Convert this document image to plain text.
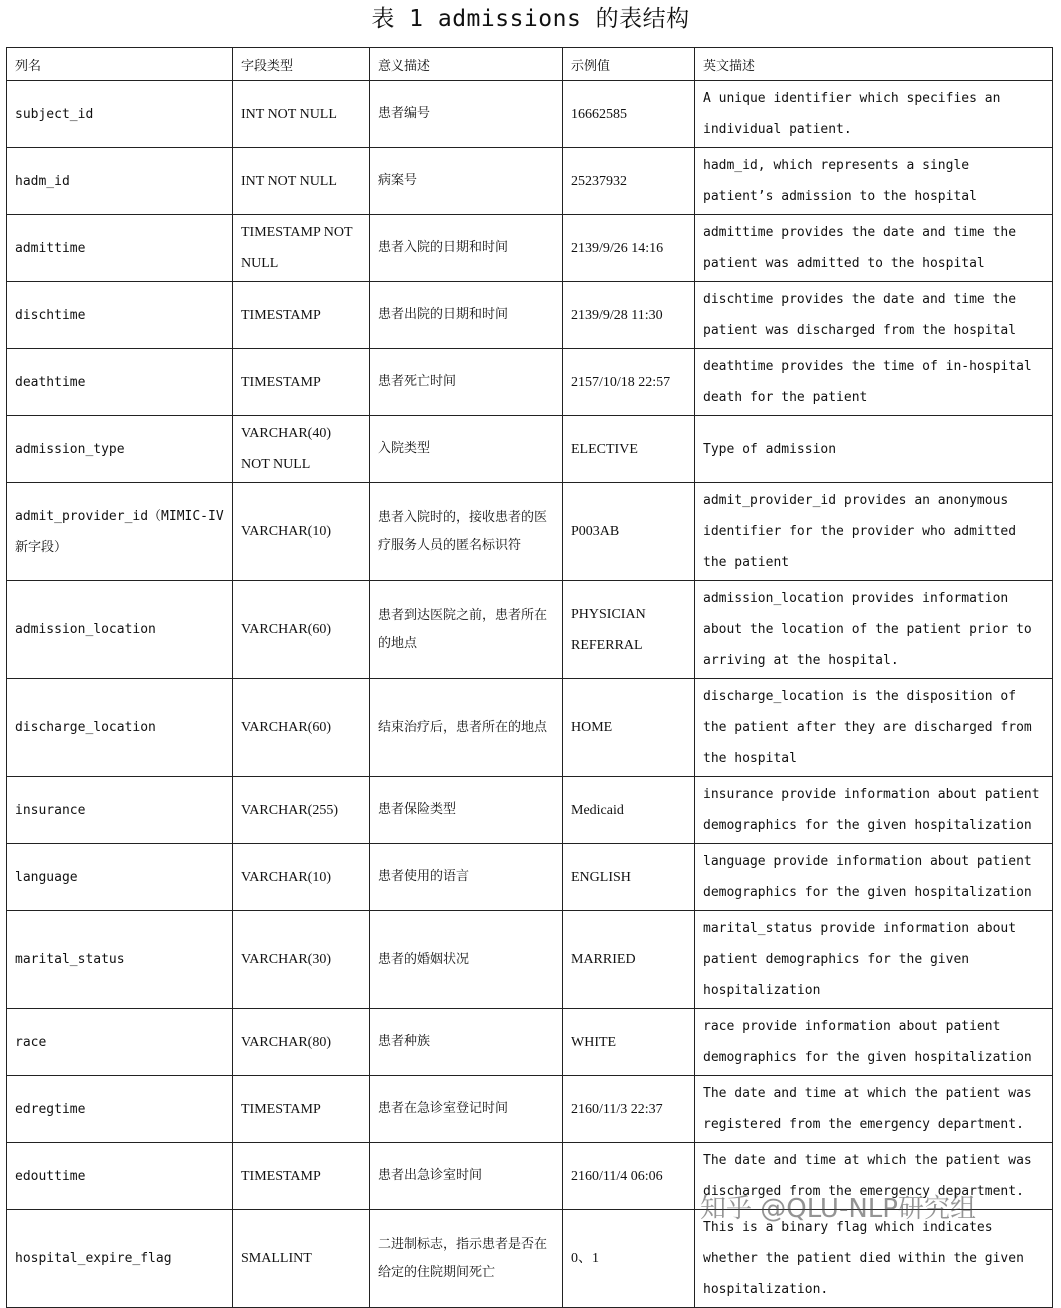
表 1 admissions 的表结构
列名	字段类型	意义描述	示例值	英文描述
subject_id	INT NOT NULL	患者编号	16662585	A unique identifier which specifies an individual patient.
hadm_id	INT NOT NULL	病案号	25237932	hadm_id, which represents a single patient’s admission to the hospital
admittime	TIMESTAMP NOT NULL	患者入院的日期和时间	2139/9/26 14:16	admittime provides the date and time the patient was admitted to the hospital
dischtime	TIMESTAMP	患者出院的日期和时间	2139/9/28 11:30	dischtime provides the date and time the patient was discharged from the hospital
deathtime	TIMESTAMP	患者死亡时间	2157/10/18 22:57	deathtime provides the time of in-hospital death for the patient
admission_type	VARCHAR(40) NOT NULL	入院类型	ELECTIVE	Type of admission
admit_provider_id（MIMIC-IV新字段）	VARCHAR(10)	患者入院时的，接收患者的医疗服务人员的匿名标识符	P003AB	admit_provider_id provides an anonymous identifier for the provider who admitted the patient
admission_location	VARCHAR(60)	患者到达医院之前，患者所在的地点	PHYSICIAN REFERRAL	admission_location provides information about the location of the patient prior to arriving at the hospital.
discharge_location	VARCHAR(60)	结束治疗后，患者所在的地点	HOME	discharge_location is the disposition of the patient after they are discharged from the hospital
insurance	VARCHAR(255)	患者保险类型	Medicaid	insurance provide information about patient demographics for the given hospitalization
language	VARCHAR(10)	患者使用的语言	ENGLISH	language provide information about patient demographics for the given hospitalization
marital_status	VARCHAR(30)	患者的婚姻状况	MARRIED	marital_status provide information about patient demographics for the given hospitalization
race	VARCHAR(80)	患者种族	WHITE	race provide information about patient demographics for the given hospitalization
edregtime	TIMESTAMP	患者在急诊室登记时间	2160/11/3 22:37	The date and time at which the patient was registered from the emergency department.
edouttime	TIMESTAMP	患者出急诊室时间	2160/11/4 06:06	The date and time at which the patient was discharged from the emergency department.
hospital_expire_flag	SMALLINT	二进制标志，指示患者是否在给定的住院期间死亡	0、1	This is a binary flag which indicates whether the patient died within the given hospitalization.
知乎 @QLU-NLP研究组
